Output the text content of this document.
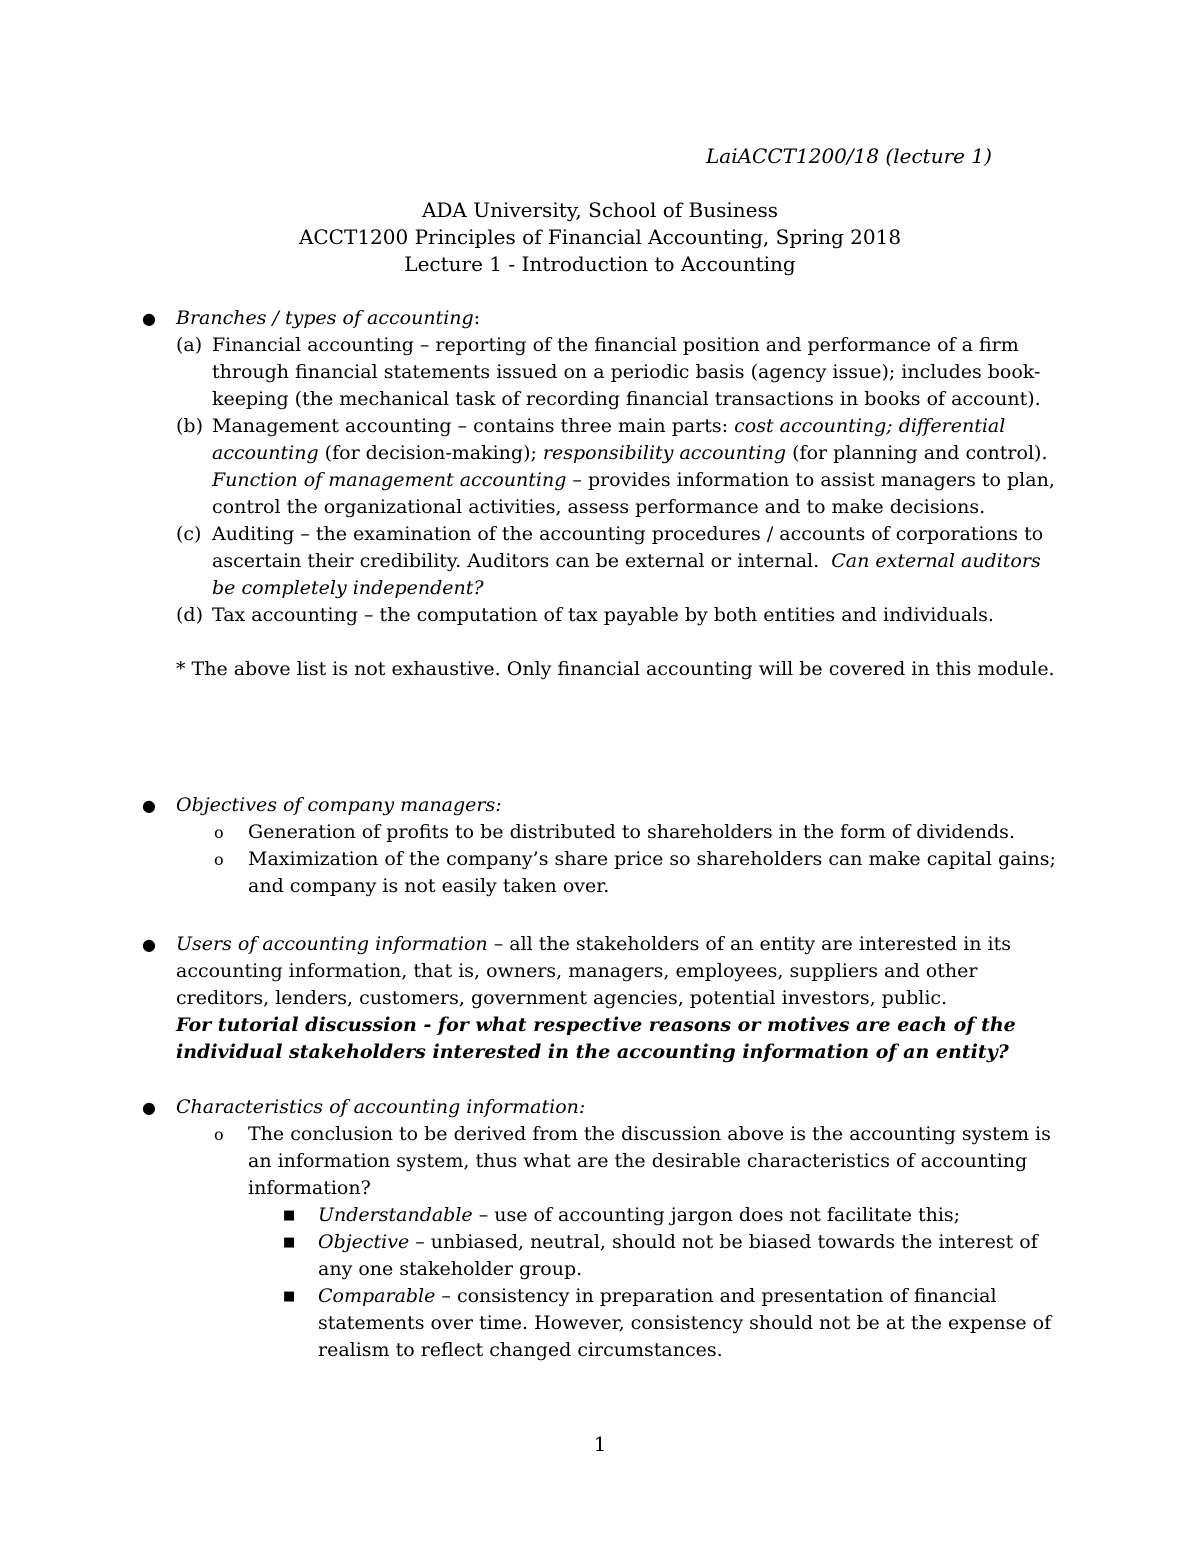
LaiACCT1200/18 (lecture 1)
ADA University, School of Business
ACCT1200 Principles of Financial Accounting, Spring 2018
Lecture 1 - Introduction to Accounting
● Branches / types of accounting:
(a) Financial accounting – reporting of the financial position and performance of a firm through financial statements issued on a periodic basis (agency issue); includes book-keeping (the mechanical task of recording financial transactions in books of account).
(b) Management accounting – contains three main parts: cost accounting; differential accounting (for decision-making); responsibility accounting (for planning and control). Function of management accounting – provides information to assist managers to plan, control the organizational activities, assess performance and to make decisions.
(c) Auditing – the examination of the accounting procedures / accounts of corporations to ascertain their credibility. Auditors can be external or internal.  Can external auditors be completely independent?
(d) Tax accounting – the computation of tax payable by both entities and individuals.
* The above list is not exhaustive. Only financial accounting will be covered in this module.
● Objectives of company managers:
o Generation of profits to be distributed to shareholders in the form of dividends.
o Maximization of the company’s share price so shareholders can make capital gains; and company is not easily taken over.
● Users of accounting information – all the stakeholders of an entity are interested in its accounting information, that is, owners, managers, employees, suppliers and other creditors, lenders, customers, government agencies, potential investors, public.
For tutorial discussion - for what respective reasons or motives are each of the individual stakeholders interested in the accounting information of an entity?
● Characteristics of accounting information:
o The conclusion to be derived from the discussion above is the accounting system is an information system, thus what are the desirable characteristics of accounting information?
■ Understandable – use of accounting jargon does not facilitate this;
■ Objective – unbiased, neutral, should not be biased towards the interest of any one stakeholder group.
■ Comparable – consistency in preparation and presentation of financial statements over time. However, consistency should not be at the expense of realism to reflect changed circumstances.
1
